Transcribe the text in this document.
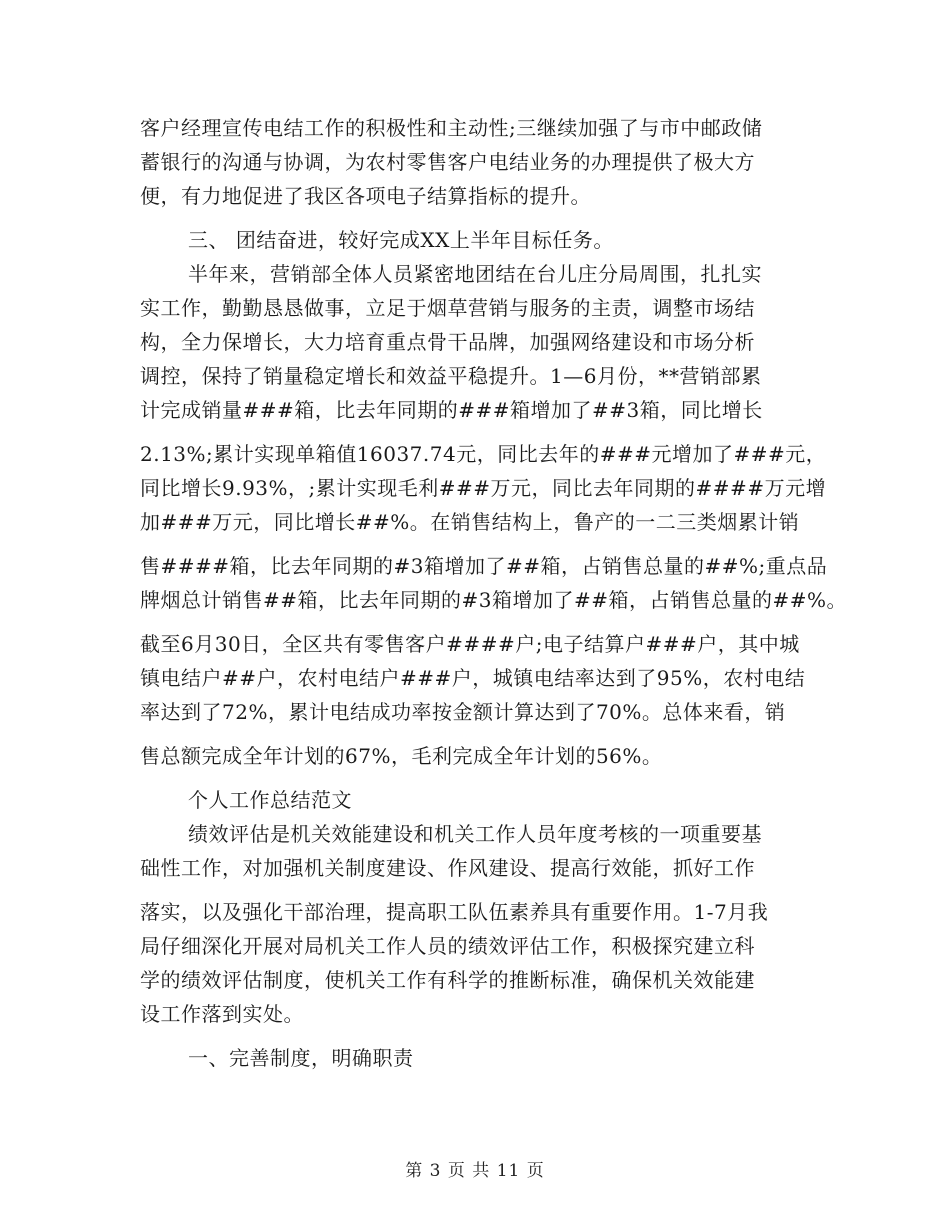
客户经理宣传电结工作的积极性和主动性;三继续加强了与市中邮政储
蓄银行的沟通与协调，为农村零售客户电结业务的办理提供了极大方
便，有力地促进了我区各项电子结算指标的提升。
三、 团结奋进，较好完成XX上半年目标任务。
半年来，营销部全体人员紧密地团结在台儿庄分局周围，扎扎实
实工作，勤勤恳恳做事，立足于烟草营销与服务的主责，调整市场结
构，全力保增长，大力培育重点骨干品牌，加强网络建设和市场分析
调控，保持了销量稳定增长和效益平稳提升。1—6月份，**营销部累
计完成销量###箱，比去年同期的###箱增加了##3箱，同比增长
2.13%;累计实现单箱值16037.74元，同比去年的###元增加了###元，
同比增长9.93%，;累计实现毛利###万元，同比去年同期的####万元增
加###万元，同比增长##%。在销售结构上，鲁产的一二三类烟累计销
售####箱，比去年同期的#3箱增加了##箱，占销售总量的##%;重点品
牌烟总计销售##箱，比去年同期的#3箱增加了##箱，占销售总量的##%。
截至6月30日，全区共有零售客户####户;电子结算户###户，其中城
镇电结户##户，农村电结户###户，城镇电结率达到了95%，农村电结
率达到了72%，累计电结成功率按金额计算达到了70%。总体来看，销
售总额完成全年计划的67%，毛利完成全年计划的56%。
个人工作总结范文
绩效评估是机关效能建设和机关工作人员年度考核的一项重要基
础性工作，对加强机关制度建设、作风建设、提高行效能，抓好工作
落实，以及强化干部治理，提高职工队伍素养具有重要作用。1-7月我
局仔细深化开展对局机关工作人员的绩效评估工作，积极探究建立科
学的绩效评估制度，使机关工作有科学的推断标准，确保机关效能建
设工作落到实处。
一、完善制度，明确职责
第 3 页 共 11 页
